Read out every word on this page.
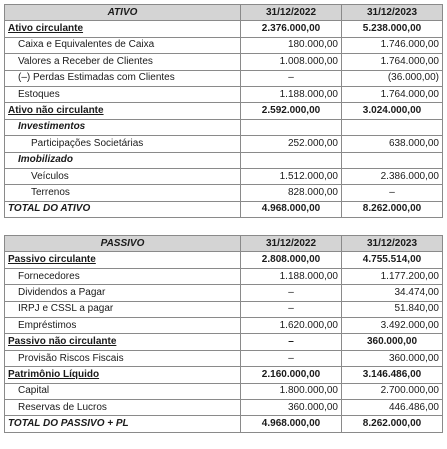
ATIVO	31/12/2022	31/12/2023
Ativo circulante	2.376.000,00	5.238.000,00
Caixa e Equivalentes de Caixa	180.000,00	1.746.000,00
Valores a Receber de Clientes	1.008.000,00	1.764.000,00
(–) Perdas Estimadas com Clientes	–	(36.000,00)
Estoques	1.188.000,00	1.764.000,00
Ativo não circulante	2.592.000,00	3.024.000,00
Investimentos		
Participações Societárias	252.000,00	638.000,00
Imobilizado		
Veículos	1.512.000,00	2.386.000,00
Terrenos	828.000,00	–
TOTAL DO ATIVO	4.968.000,00	8.262.000,00

PASSIVO	31/12/2022	31/12/2023
Passivo circulante	2.808.000,00	4.755.514,00
Fornecedores	1.188.000,00	1.177.200,00
Dividendos a Pagar	–	34.474,00
IRPJ e CSSL a pagar	–	51.840,00
Empréstimos	1.620.000,00	3.492.000,00
Passivo não circulante	–	360.000,00
Provisão Riscos Fiscais	–	360.000,00
Patrimônio Líquido	2.160.000,00	3.146.486,00
Capital	1.800.000,00	2.700.000,00
Reservas de Lucros	360.000,00	446.486,00
TOTAL DO PASSIVO + PL	4.968.000,00	8.262.000,00
